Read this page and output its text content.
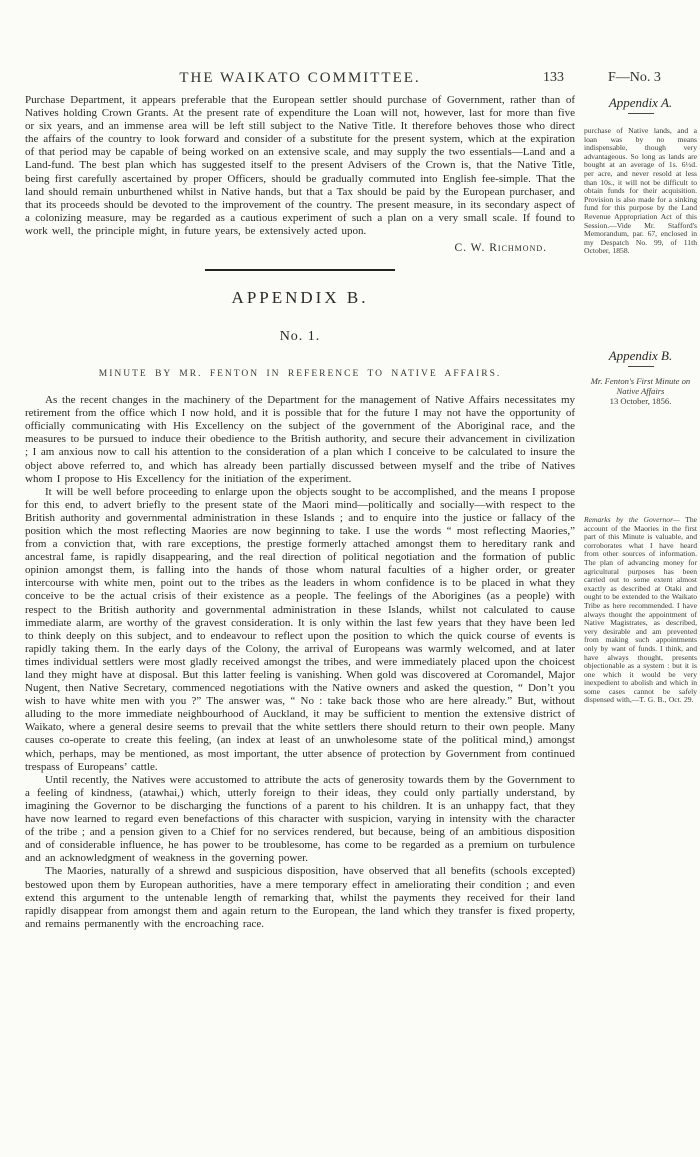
THE WAIKATO COMMITTEE.	133	F—No. 3

Purchase Department, it appears preferable that the European settler should purchase of Government, rather than of Natives holding Crown Grants. At the present rate of expenditure the Loan will not, however, last for more than five or six years, and an immense area will be left still subject to the Native Title. It therefore behoves those who direct the affairs of the country to look forward and consider of a substitute for the present system, which at the expiration of that period may be capable of being worked on an extensive scale, and may supply the two essentials—Land and a Land-fund. The best plan which has suggested itself to the present Advisers of the Crown is, that the Native Title, being first carefully ascertained by proper Officers, should be gradually commuted into English fee-simple. That the land should remain unburthened whilst in Native hands, but that a Tax should be paid by the European purchaser, and that its proceeds should be devoted to the improvement of the country. The present measure, in its secondary aspect of a colonizing measure, may be regarded as a cautious experiment of such a plan on a very small scale. If found to work well, the principle might, in future years, be extensively acted upon.

C. W. Richmond.
APPENDIX B.
No. 1.
MINUTE BY MR. FENTON IN REFERENCE TO NATIVE AFFAIRS.

As the recent changes in the machinery of the Department for the management of Native Affairs necessitates my retirement from the office which I now hold, and it is possible that for the future I may not have the opportunity of officially communicating with His Excellency on the subject of the government of the Aboriginal race, and the measures to be pursued to induce their obedience to the British authority, and secure their advancement in civilization ; I am anxious now to call his attention to the consideration of a plan which I conceive to be calculated to insure the object above referred to, and which has already been partially discussed between myself and the tribe of Natives whom I propose to His Excellency for the initiation of the experiment.

It will be well before proceeding to enlarge upon the objects sought to be accomplished, and the means I propose for this end, to advert briefly to the present state of the Maori mind—politically and socially—with respect to the British authority and governmental administration in these Islands ; and to enquire into the justice or fallacy of the position which the most reflecting Maories are now beginning to take. I use the words “ most reflecting Maories,” from a conviction that, with rare exceptions, the prestige formerly attached amongst them to hereditary rank and ancestral fame, is rapidly disappearing, and the real direction of political negotiation and the formation of public opinion amongst them, is falling into the hands of those whom natural faculties of a higher order, or greater intercourse with white men, point out to the tribes as the leaders in whom confidence is to be placed in what they conceive to be the actual crisis of their existence as a people. The feelings of the Aborigines (as a people) with respect to the British authority and governmental administration in these Islands, whilst not calculated to cause immediate alarm, are worthy of the gravest consideration. It is only within the last few years that they have been led to think deeply on this subject, and to endeavour to reflect upon the position to which the quick course of events is rapidly taking them. In the early days of the Colony, the arrival of Europeans was warmly welcomed, and at later times individual settlers were most gladly received amongst the tribes, and were immediately placed upon the choicest land they might have at disposal. But this latter feeling is vanishing. When gold was discovered at Coromandel, Major Nugent, then Native Secretary, commenced negotiations with the Native owners and asked the question, “ Don’t you wish to have white men with you ?” The answer was, “ No : take back those who are here already.” But, without alluding to the more immediate neighbourhood of Auckland, it may be sufficient to mention the extensive district of Waikato, where a general desire seems to prevail that the white settlers there should return to their own people. Many causes co-operate to create this feeling, (an index at least of an unwholesome state of the political mind,) amongst which, perhaps, may be mentioned, as most important, the utter absence of protection by Government from continued trespass of Europeans’ cattle.

Until recently, the Natives were accustomed to attribute the acts of generosity towards them by the Government to a feeling of kindness, (atawhai,) which, utterly foreign to their ideas, they could only partially understand, by imagining the Governor to be discharging the functions of a parent to his children. It is an unhappy fact, that they have now learned to regard even benefactions of this character with suspicion, varying in intensity with the character of the tribe ; and a pension given to a Chief for no services rendered, but because, being of an ambitious disposition and of considerable influence, he has power to be troublesome, has come to be regarded as a premium on turbulence and an acknowledgment of weakness in the governing power.

The Maories, naturally of a shrewd and suspicious disposition, have observed that all benefits (schools excepted) bestowed upon them by European authorities, have a mere temporary effect in ameliorating their condition ; and even extend this argument to the untenable length of remarking that, whilst the payments they received for their land rapidly disappear from amongst them and again return to the European, the land which they transfer is fixed property, and remains permanently with the encroaching race.

Appendix A.
purchase of Native lands, and a loan was by no means indispensable, though very advantageous. So long as lands are bought at an average of 1s. 6½d. per acre, and never resold at less than 10s., it will not be difficult to obtain funds for their acquisition. Provision is also made for a sinking fund for this purpose by the Land Revenue Appropriation Act of this Session.—Vide Mr. Stafford's Memorandum, par. 67, enclosed in my Despatch No. 99, of 11th October, 1858.
Appendix B.
Mr. Fenton's First Minute on Native Affairs
13 October, 1856.
Remarks by the Governor— The account of the Maories in the first part of this Minute is valuable, and corroborates what I have heard from other sources of information. The plan of advancing money for agricultural purposes has been carried out to some extent almost exactly as described at Otaki and ought to be extended to the Waikato Tribe as here recommended. I have always thought the appointment of Native Magistrates, as described, very desirable and am prevented from making such appointments only by want of funds. I think, and have always thought, presents objectionable as a system : but it is one which it would be very inexpedient to abolish and which in some cases cannot be safely dispensed with,—T. G. B., Oct. 29.
